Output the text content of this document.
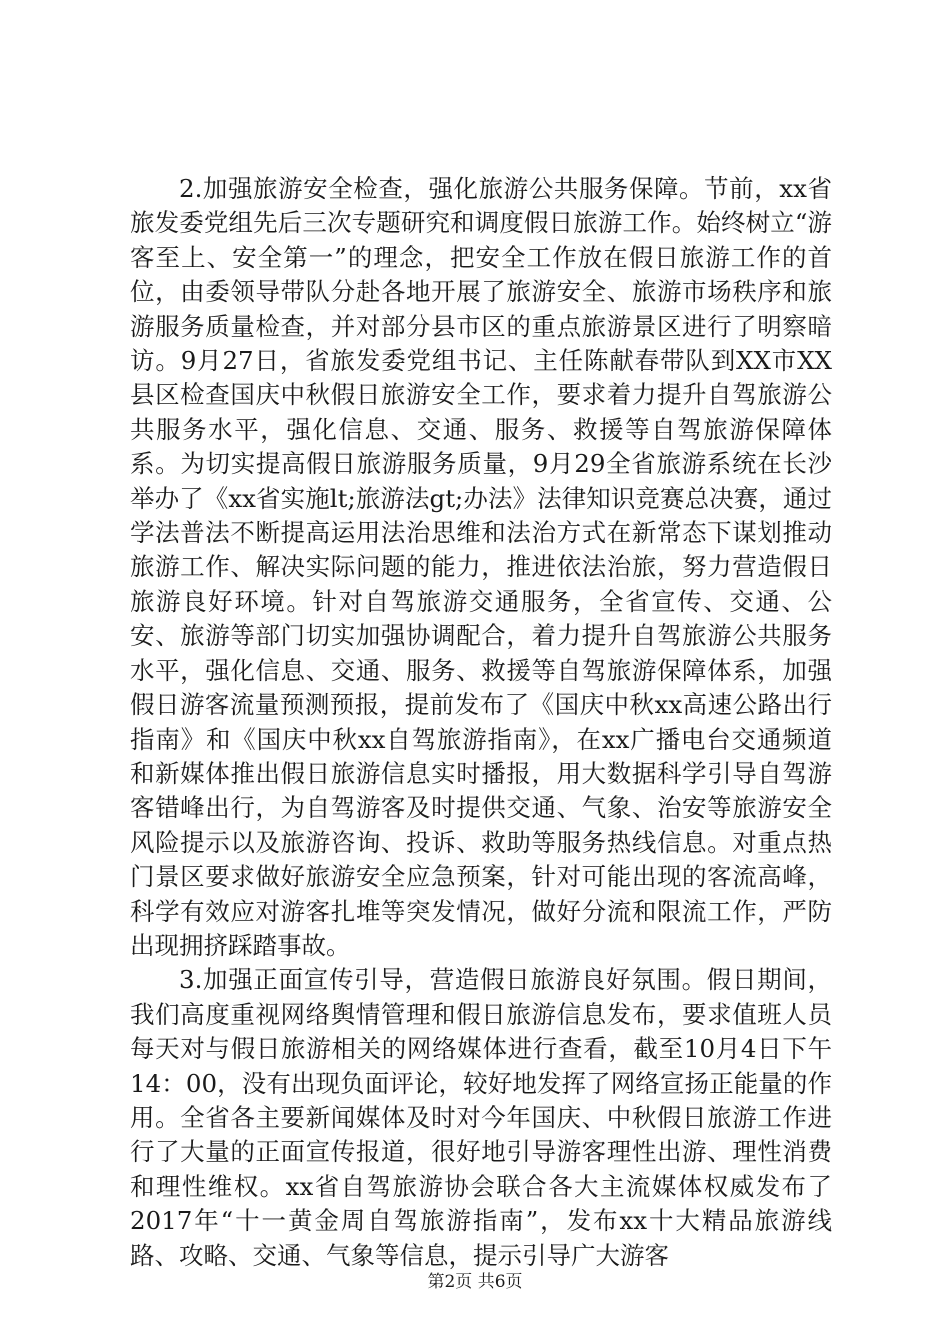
2.加强旅游安全检查，强化旅游公共服务保障。节前，xx省旅发委党组先后三次专题研究和调度假日旅游工作。始终树立“游客至上、安全第一”的理念，把安全工作放在假日旅游工作的首位，由委领导带队分赴各地开展了旅游安全、旅游市场秩序和旅游服务质量检查，并对部分县市区的重点旅游景区进行了明察暗访。9月27日，省旅发委党组书记、主任陈献春带队到XX市XX县区检查国庆中秋假日旅游安全工作，要求着力提升自驾旅游公共服务水平，强化信息、交通、服务、救援等自驾旅游保障体系。为切实提高假日旅游服务质量，9月29全省旅游系统在长沙举办了《xx省实施lt;旅游法gt;办法》法律知识竞赛总决赛，通过学法普法不断提高运用法治思维和法治方式在新常态下谋划推动旅游工作、解决实际问题的能力，推进依法治旅，努力营造假日旅游良好环境。针对自驾旅游交通服务，全省宣传、交通、公安、旅游等部门切实加强协调配合，着力提升自驾旅游公共服务水平，强化信息、交通、服务、救援等自驾旅游保障体系，加强假日游客流量预测预报，提前发布了《国庆中秋xx高速公路出行指南》和《国庆中秋xx自驾旅游指南》，在xx广播电台交通频道和新媒体推出假日旅游信息实时播报，用大数据科学引导自驾游客错峰出行，为自驾游客及时提供交通、气象、治安等旅游安全风险提示以及旅游咨询、投诉、救助等服务热线信息。对重点热门景区要求做好旅游安全应急预案，针对可能出现的客流高峰，科学有效应对游客扎堆等突发情况，做好分流和限流工作，严防出现拥挤踩踏事故。

3.加强正面宣传引导，营造假日旅游良好氛围。假日期间，我们高度重视网络舆情管理和假日旅游信息发布，要求值班人员每天对与假日旅游相关的网络媒体进行查看，截至10月4日下午14：00，没有出现负面评论，较好地发挥了网络宣扬正能量的作用。全省各主要新闻媒体及时对今年国庆、中秋假日旅游工作进行了大量的正面宣传报道，很好地引导游客理性出游、理性消费和理性维权。xx省自驾旅游协会联合各大主流媒体权威发布了2017年“十一黄金周自驾旅游指南”，发布xx十大精品旅游线路、攻略、交通、气象等信息，提示引导广大游客

第2页 共6页
